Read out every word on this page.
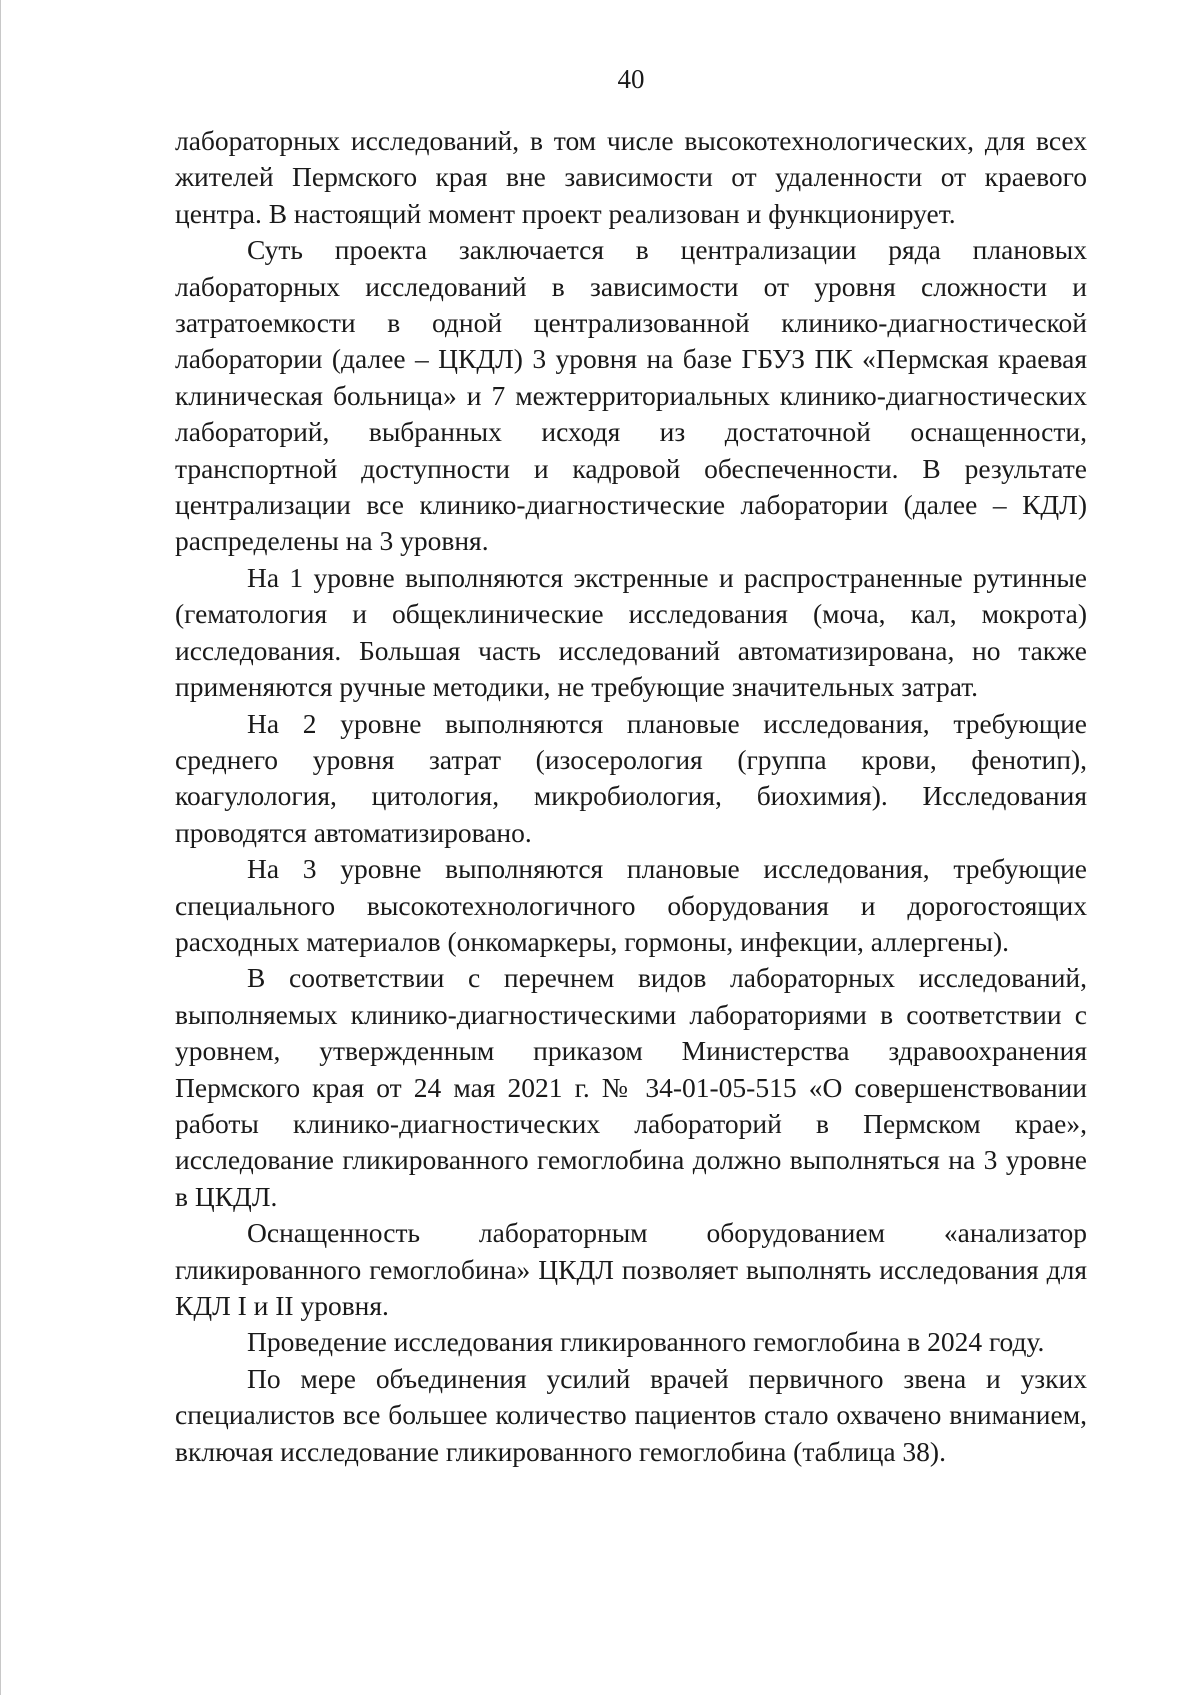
40

лабораторных исследований, в том числе высокотехнологических, для всех жителей Пермского края вне зависимости от удаленности от краевого центра. В настоящий момент проект реализован и функционирует.

Суть проекта заключается в централизации ряда плановых лабораторных исследований в зависимости от уровня сложности и затратоемкости в одной централизованной клинико-диагностической лаборатории (далее – ЦКДЛ) 3 уровня на базе ГБУЗ ПК «Пермская краевая клиническая больница» и 7 межтерриториальных клинико-диагностических лабораторий, выбранных исходя из достаточной оснащенности, транспортной доступности и кадровой обеспеченности. В результате централизации все клинико-диагностические лаборатории (далее – КДЛ) распределены на 3 уровня.

На 1 уровне выполняются экстренные и распространенные рутинные (гематология и общеклинические исследования (моча, кал, мокрота) исследования. Большая часть исследований автоматизирована, но также применяются ручные методики, не требующие значительных затрат.

На 2 уровне выполняются плановые исследования, требующие среднего уровня затрат (изосерология (группа крови, фенотип), коагулология, цитология, микробиология, биохимия). Исследования проводятся автоматизировано.

На 3 уровне выполняются плановые исследования, требующие специального высокотехнологичного оборудования и дорогостоящих расходных материалов (онкомаркеры, гормоны, инфекции, аллергены).

В соответствии с перечнем видов лабораторных исследований, выполняемых клинико-диагностическими лабораториями в соответствии с уровнем, утвержденным приказом Министерства здравоохранения Пермского края от 24 мая 2021 г. № 34-01-05-515 «О совершенствовании работы клинико-диагностических лабораторий в Пермском крае», исследование гликированного гемоглобина должно выполняться на 3 уровне в ЦКДЛ.

Оснащенность лабораторным оборудованием «анализатор гликированного гемоглобина» ЦКДЛ позволяет выполнять исследования для КДЛ I и II уровня.

Проведение исследования гликированного гемоглобина в 2024 году.

По мере объединения усилий врачей первичного звена и узких специалистов все большее количество пациентов стало охвачено вниманием, включая исследование гликированного гемоглобина (таблица 38).
